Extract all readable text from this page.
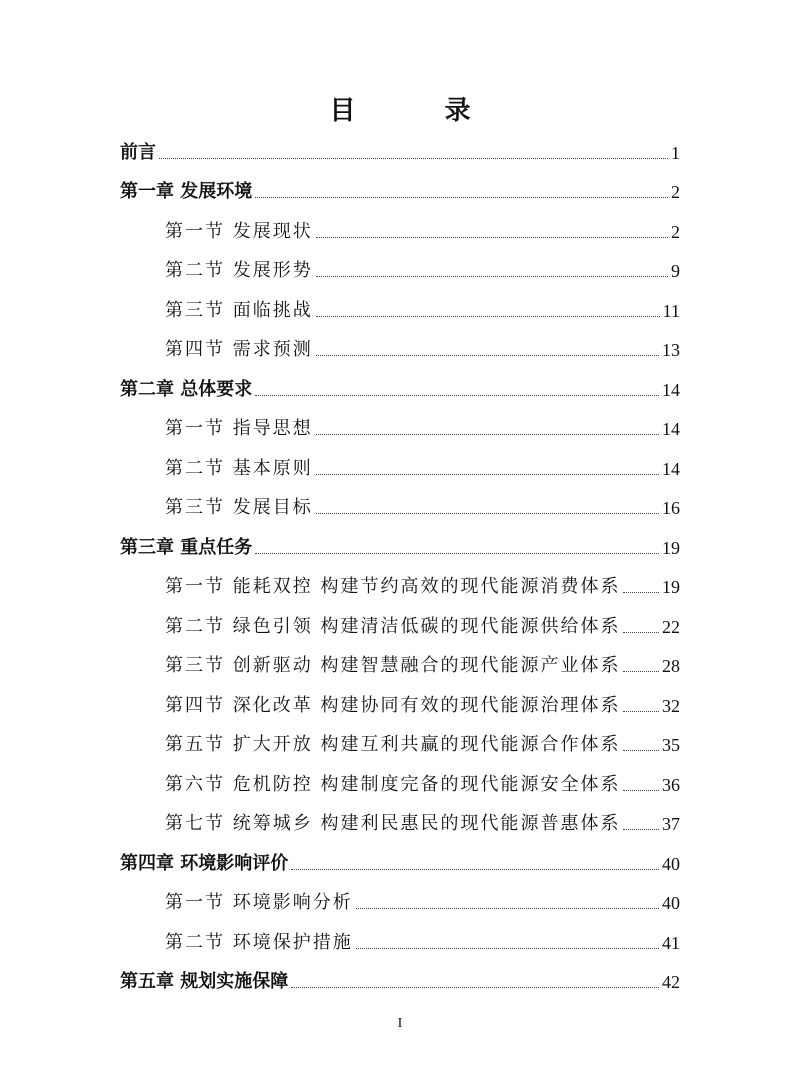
目 录
前言	1
第一章 发展环境	2
第一节 发展现状	2
第二节 发展形势	9
第三节 面临挑战	11
第四节 需求预测	13
第二章 总体要求	14
第一节 指导思想	14
第二节 基本原则	14
第三节 发展目标	16
第三章 重点任务	19
第一节 能耗双控 构建节约高效的现代能源消费体系 19
第二节 绿色引领 构建清洁低碳的现代能源供给体系 22
第三节 创新驱动 构建智慧融合的现代能源产业体系 28
第四节 深化改革 构建协同有效的现代能源治理体系 32
第五节 扩大开放 构建互利共赢的现代能源合作体系 35
第六节 危机防控 构建制度完备的现代能源安全体系 36
第七节 统筹城乡 构建利民惠民的现代能源普惠体系 37
第四章 环境影响评价	40
第一节 环境影响分析	40
第二节 环境保护措施	41
第五章 规划实施保障	42
I
